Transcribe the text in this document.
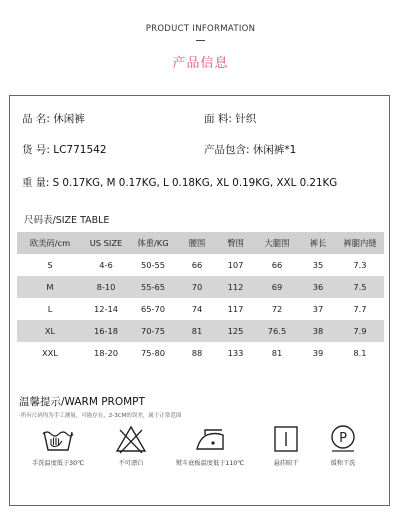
PRODUCT INFORMATION
产品信息
品 名: 休闲裤	面 料: 针织
货 号: LC771542	产品包含: 休闲裤*1
重 量: S 0.17KG, M 0.17KG, L 0.18KG, XL 0.19KG, XXL 0.21KG
尺码表/SIZE TABLE
欧美码/cm	US SIZE	体重/KG	腰围	臀围	大腿围	裤长	裤腿内缝
S	4-6	50-55	66	107	66	35	7.3
M	8-10	55-65	70	112	69	36	7.5
L	12-14	65-70	74	117	72	37	7.7
XL	16-18	70-75	81	125	76.5	38	7.9
XXL	18-20	75-80	88	133	81	39	8.1
温馨提示/WARM PROMPT
·所有尺码均为手工测量，可能存在，2-3CM的误差，属于正常范围
手洗温度低于30℃	不可漂白	熨斗底板温度低于110℃	悬挂晾干
P
缓和干洗
